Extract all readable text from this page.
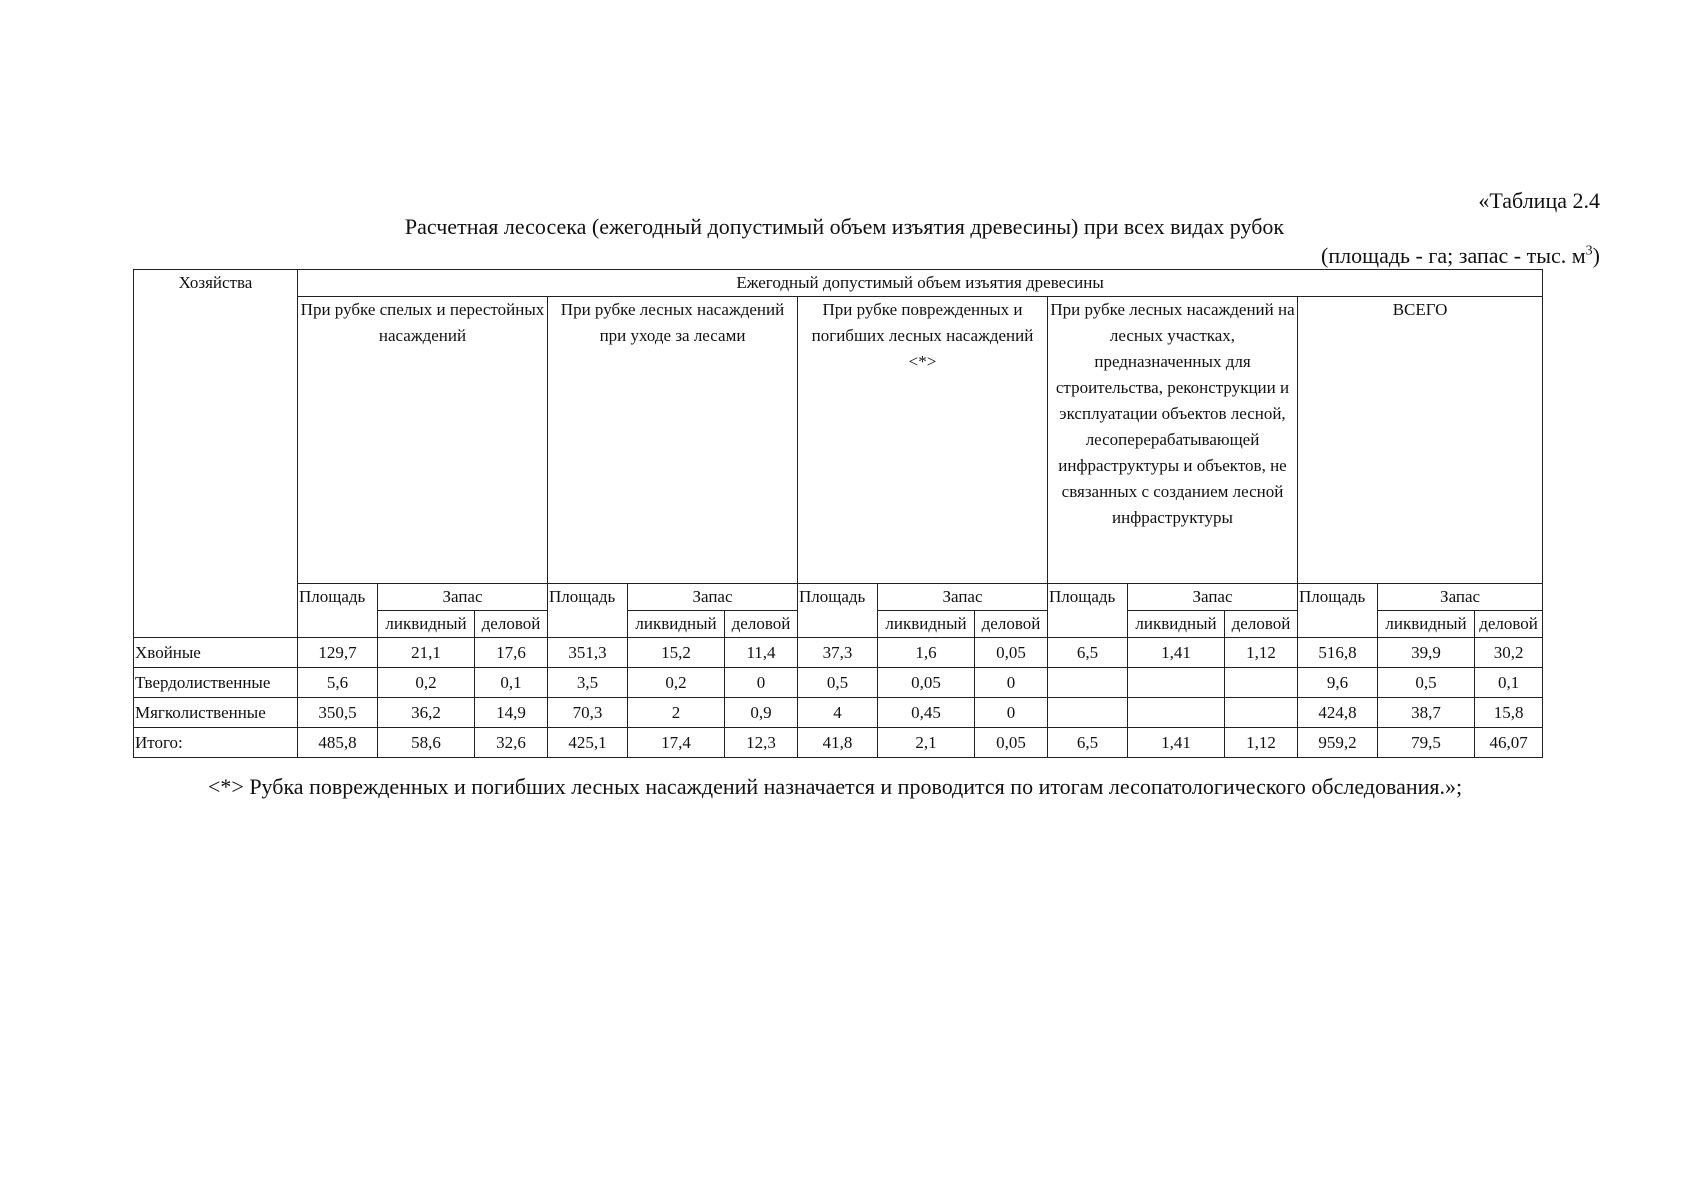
«Таблица 2.4
Расчетная лесосека (ежегодный допустимый объем изъятия древесины) при всех видах рубок
(площадь - га; запас - тыс. $м^3$)
Хозяйства	Ежегодный допустимый объем изъятия древесины														
	При рубке спелых и перестойных насаждений			При рубке лесных насаждений при уходе за лесами			При рубке поврежденных и погибших лесных насаждений <*>			При рубке лесных насаждений на лесных участках, предназначенных для строительства, реконструкции и эксплуатации объектов лесной, лесоперерабатывающей инфраструктуры и объектов, не связанных с созданием лесной инфраструктуры			ВСЕГО		
	Площадь	Запас		Площадь	Запас		Площадь	Запас		Площадь	Запас		Площадь	Запас	
		ликвидный	деловой		ликвидный	деловой		ликвидный	деловой		ликвидный	деловой		ликвидный	деловой
Хвойные	129,7	21,1	17,6	351,3	15,2	11,4	37,3	1,6	0,05	6,5	1,41	1,12	516,8	39,9	30,2
Твердолиственные	5,6	0,2	0,1	3,5	0,2	0	0,5	0,05	0				9,6	0,5	0,1
Мягколиственные	350,5	36,2	14,9	70,3	2	0,9	4	0,45	0				424,8	38,7	15,8
Итого:	485,8	58,6	32,6	425,1	17,4	12,3	41,8	2,1	0,05	6,5	1,41	1,12	959,2	79,5	46,07
<*> Рубка поврежденных и погибших лесных насаждений назначается и проводится по итогам лесопатологического обследования.»;
